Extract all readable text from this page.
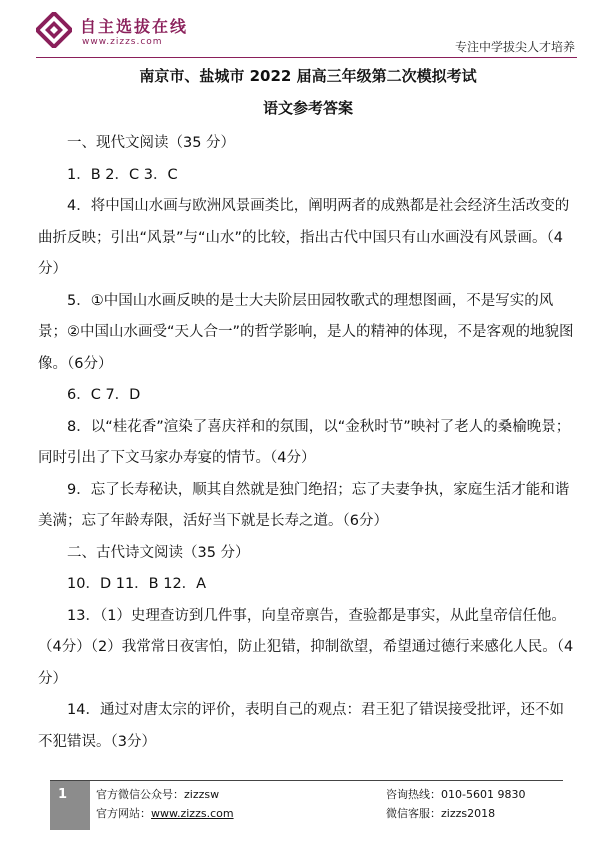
自主选拔在线
www.zizzs.com	专注中学拔尖人才培养
南京市、盐城市 2022 届高三年级第二次模拟考试
语文参考答案

一、现代文阅读（35 分）

1．B 2．C 3．C

4．将中国山水画与欧洲风景画类比，阐明两者的成熟都是社会经济生活改变的曲折反映；引出“风景”与“山水”的比较，指出古代中国只有山水画没有风景画。（4分）

5．①中国山水画反映的是士大夫阶层田园牧歌式的理想图画，不是写实的风景；②中国山水画受“天人合一”的哲学影响，是人的精神的体现，不是客观的地貌图像。（6分）

6．C 7．D

8．以“桂花香”渲染了喜庆祥和的氛围，以“金秋时节”映衬了老人的桑榆晚景；同时引出了下文马家办寿宴的情节。（4分）

9．忘了长寿秘诀，顺其自然就是独门绝招；忘了夫妻争执，家庭生活才能和谐美满；忘了年龄寿限，活好当下就是长寿之道。（6分）

二、古代诗文阅读（35 分）

10．D 11．B 12．A

13．（1）史理查访到几件事，向皇帝禀告，查验都是事实，从此皇帝信任他。（4分）（2）我常常日夜害怕，防止犯错，抑制欲望，希望通过德行来感化人民。（4分）

14．通过对唐太宗的评价，表明自己的观点：君王犯了错误接受批评，还不如不犯错误。（3分）

1	官方微信公众号：zizzsw
官方网站：www.zizzs.com
咨询热线：010-5601 9830
微信客服：zizzs2018
